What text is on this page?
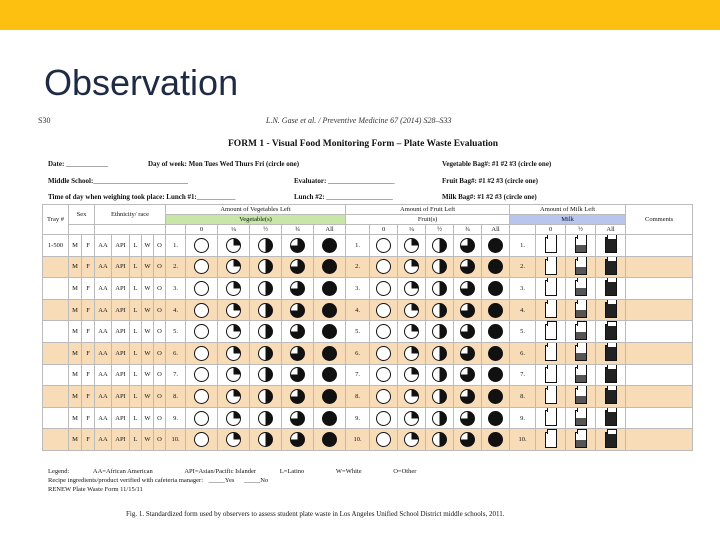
Observation
S30	L.N. Gase et al. / Preventive Medicine 67 (2014) S28–S33
FORM 1 - Visual Food Monitoring Form – Plate Waste Evaluation
Date: ____________	Day of week: Mon Tues Wed Thurs Fri (circle one)	Vegetable Bag#: #1 #2 #3 (circle one)
Middle School:___________________________	Evaluator: ___________________	Fruit Bag#: #1 #2 #3 (circle one)
Time of day when weighing took place: Lunch #1:___________	Lunch #2: ___________________	Milk Bag#: #1 #2 #3 (circle one)
Tray #	Sex		Ethnicity/ race					Amount of Vegetables Left						Amount of Fruit Left						Amount of Milk Left				Comments
								Vegetable(s)						Fruit(s)						Milk				
									0	¼	½	¾	All		0	¼	½	¾	All		0	½	All	
1-500	M	F	AA	API	L	W	O	1.						1.						1.				
	M	F	AA	API	L	W	O	2.						2.						2.				
	M	F	AA	API	L	W	O	3.						3.						3.				
	M	F	AA	API	L	W	O	4.						4.						4.				
	M	F	AA	API	L	W	O	5.						5.						5.				
	M	F	AA	API	L	W	O	6.						6.						6.				
	M	F	AA	API	L	W	O	7.						7.						7.				
	M	F	AA	API	L	W	O	8.						8.						8.				
	M	F	AA	API	L	W	O	9.						9.						9.				
	M	F	AA	API	L	W	O	10.						10.						10.				
Legend:	AA=African American	API=Asian/Pacific Islander	L=Latino	W=White	O=Other
Recipe ingredients/product verified with cafeteria manager: _____Yes _____No
RENEW Plate Waste Form 11/15/11
Fig. 1. Standardized form used by observers to assess student plate waste in Los Angeles Unified School District middle schools, 2011.
